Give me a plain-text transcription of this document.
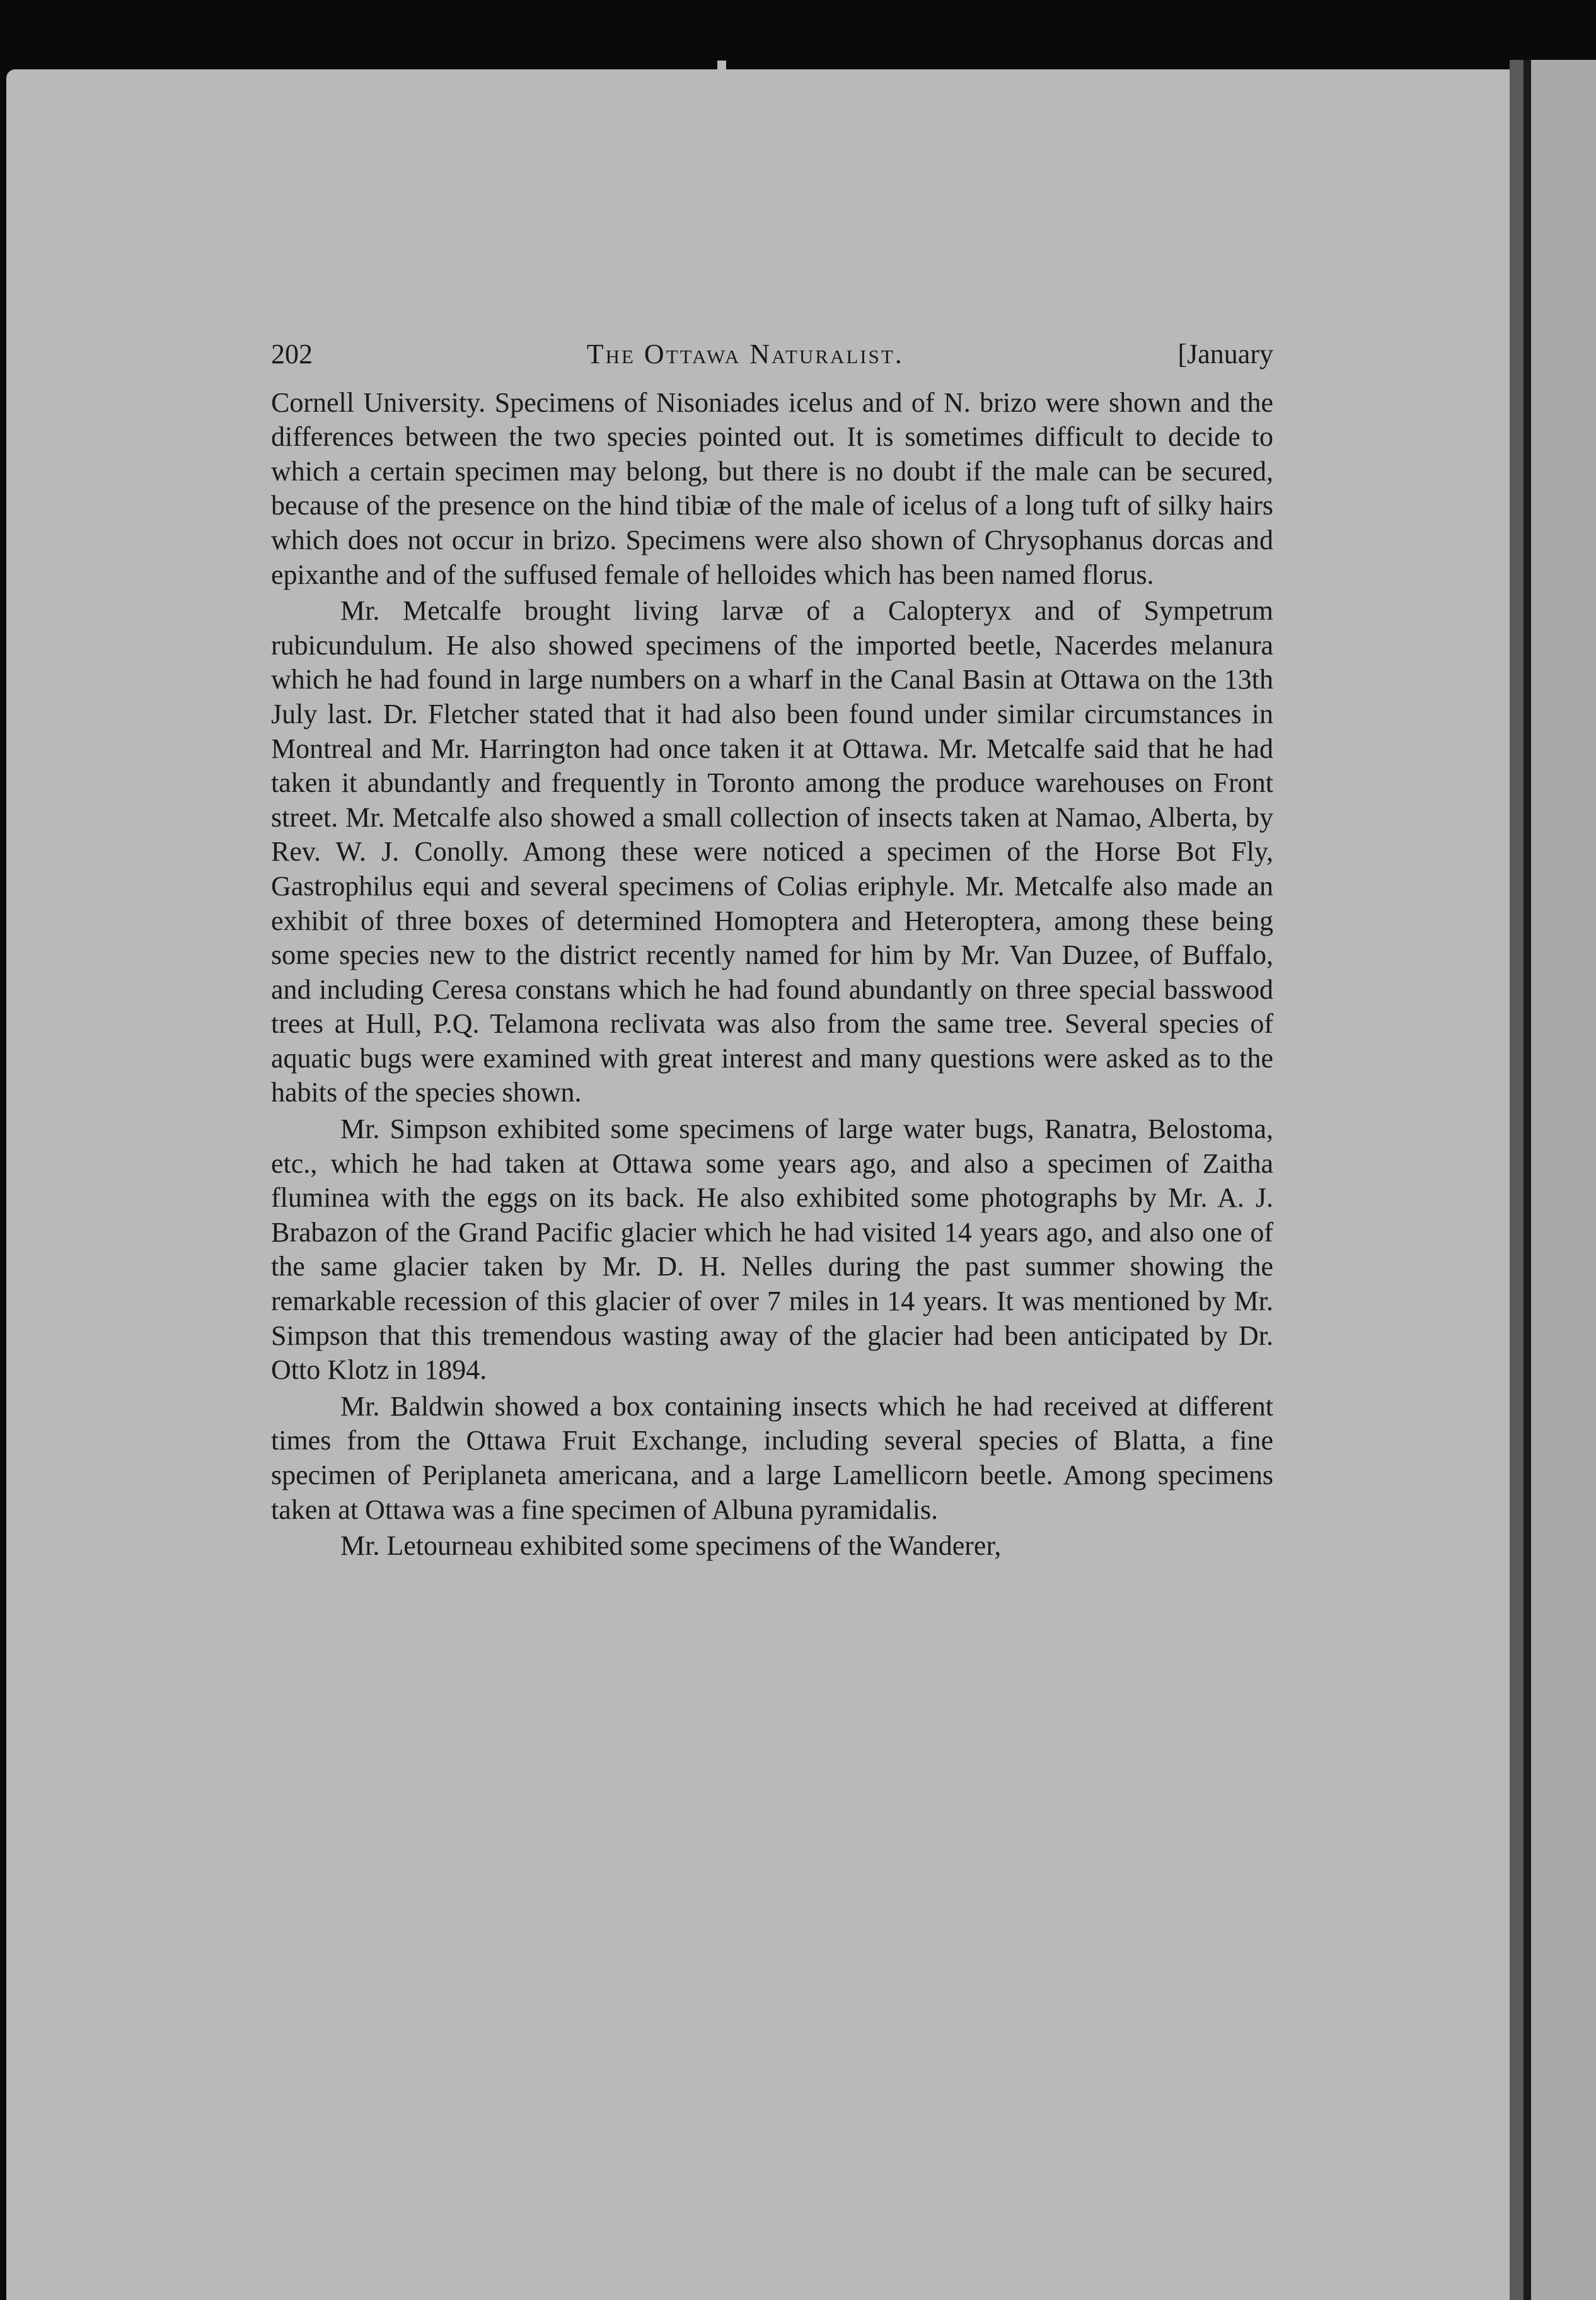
202	The Ottawa Naturalist.	[January

Cornell University. Specimens of Nisoniades icelus and of N. brizo were shown and the differences between the two species pointed out. It is sometimes difficult to decide to which a certain specimen may belong, but there is no doubt if the male can be secured, because of the presence on the hind tibiæ of the male of icelus of a long tuft of silky hairs which does not occur in brizo. Specimens were also shown of Chrysophanus dorcas and epixanthe and of the suffused female of helloides which has been named florus.

Mr. Metcalfe brought living larvæ of a Calopteryx and of Sympetrum rubicundulum. He also showed specimens of the imported beetle, Nacerdes melanura which he had found in large numbers on a wharf in the Canal Basin at Ottawa on the 13th July last. Dr. Fletcher stated that it had also been found under similar circumstances in Montreal and Mr. Harrington had once taken it at Ottawa. Mr. Metcalfe said that he had taken it abundantly and frequently in Toronto among the produce warehouses on Front street. Mr. Metcalfe also showed a small collection of insects taken at Namao, Alberta, by Rev. W. J. Conolly. Among these were noticed a specimen of the Horse Bot Fly, Gastrophilus equi and several specimens of Colias eriphyle. Mr. Metcalfe also made an exhibit of three boxes of determined Homoptera and Heteroptera, among these being some species new to the district recently named for him by Mr. Van Duzee, of Buffalo, and including Ceresa constans which he had found abundantly on three special basswood trees at Hull, P.Q. Telamona reclivata was also from the same tree. Several species of aquatic bugs were examined with great interest and many questions were asked as to the habits of the species shown.

Mr. Simpson exhibited some specimens of large water bugs, Ranatra, Belostoma, etc., which he had taken at Ottawa some years ago, and also a specimen of Zaitha fluminea with the eggs on its back. He also exhibited some photographs by Mr. A. J. Brabazon of the Grand Pacific glacier which he had visited 14 years ago, and also one of the same glacier taken by Mr. D. H. Nelles during the past summer showing the remarkable recession of this glacier of over 7 miles in 14 years. It was mentioned by Mr. Simpson that this tremendous wasting away of the glacier had been anticipated by Dr. Otto Klotz in 1894.

Mr. Baldwin showed a box containing insects which he had received at different times from the Ottawa Fruit Exchange, including several species of Blatta, a fine specimen of Periplaneta americana, and a large Lamellicorn beetle. Among specimens taken at Ottawa was a fine specimen of Albuna pyramidalis.

Mr. Letourneau exhibited some specimens of the Wanderer,
